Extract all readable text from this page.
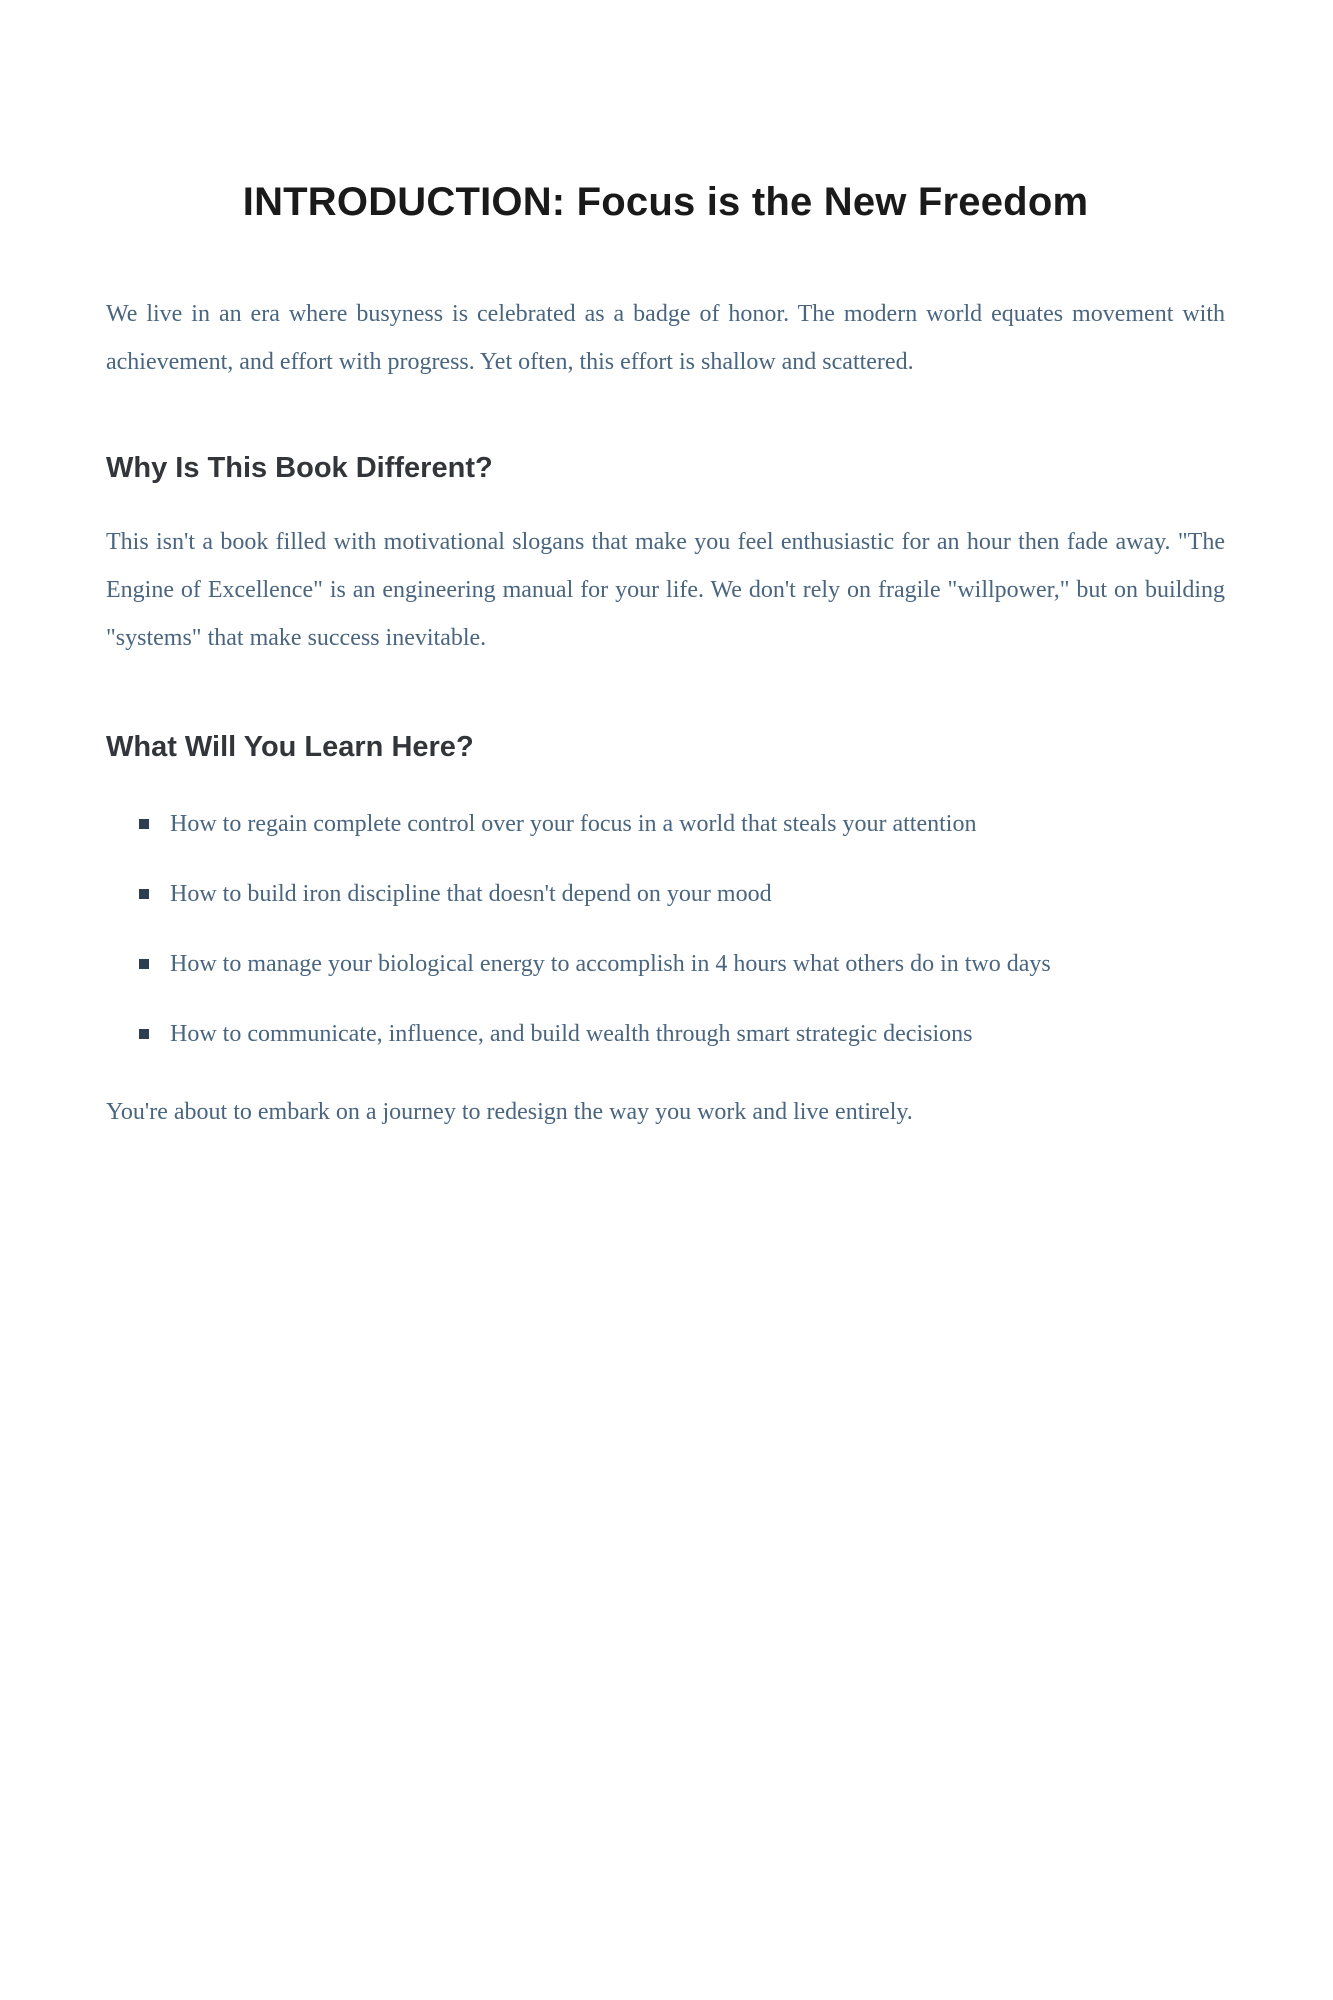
INTRODUCTION: Focus is the New Freedom

We live in an era where busyness is celebrated as a badge of honor. The modern world equates movement with achievement, and effort with progress. Yet often, this effort is shallow and scattered.

Why Is This Book Different?

This isn't a book filled with motivational slogans that make you feel enthusiastic for an hour then fade away. "The Engine of Excellence" is an engineering manual for your life. We don't rely on fragile "willpower," but on building "systems" that make success inevitable.

What Will You Learn Here?
How to regain complete control over your focus in a world that steals your attention
How to build iron discipline that doesn't depend on your mood
How to manage your biological energy to accomplish in 4 hours what others do in two days
How to communicate, influence, and build wealth through smart strategic decisions

You're about to embark on a journey to redesign the way you work and live entirely.
